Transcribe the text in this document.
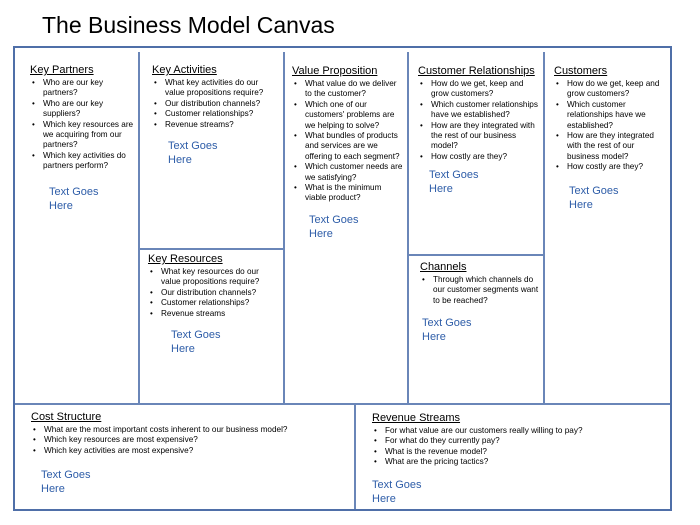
The Business Model Canvas
Key Partners
• Who are our key partners?
• Who are our key suppliers?
• Which key resources are we acquiring from our partners?
• Which key activities do partners perform?
Text Goes
Here
Key Activities
• What key activities do our value propositions require?
• Our distribution channels?
• Customer relationships?
• Revenue streams?
Text Goes
Here
Key Resources
• What key resources do our value propositions require?
• Our distribution channels?
• Customer relationships?
• Revenue streams
Text Goes
Here
Value Proposition
• What value do we deliver to the customer?
• Which one of our customers' problems are we helping to solve?
• What bundles of products and services are we offering to each segment?
• Which customer needs are we satisfying?
• What is the minimum viable product?
Text Goes
Here
Customer Relationships
• How do we get, keep and grow customers?
• Which customer relationships have we established?
• How are they integrated with the rest of our business model?
• How costly are they?
Text Goes
Here
Channels
• Through which channels do our customer segments want to be reached?
Text Goes
Here
Customers
• How do we get, keep and grow customers?
• Which customer relationships have we established?
• How are they integrated with the rest of our business model?
• How costly are they?
Text Goes
Here
Cost Structure
• What are the most important costs inherent to our business model?
• Which key resources are most expensive?
• Which key activities are most expensive?
Text Goes
Here
Revenue Streams
• For what value are our customers really willing to pay?
• For what do they currently pay?
• What is the revenue model?
• What are the pricing tactics?
Text Goes
Here
